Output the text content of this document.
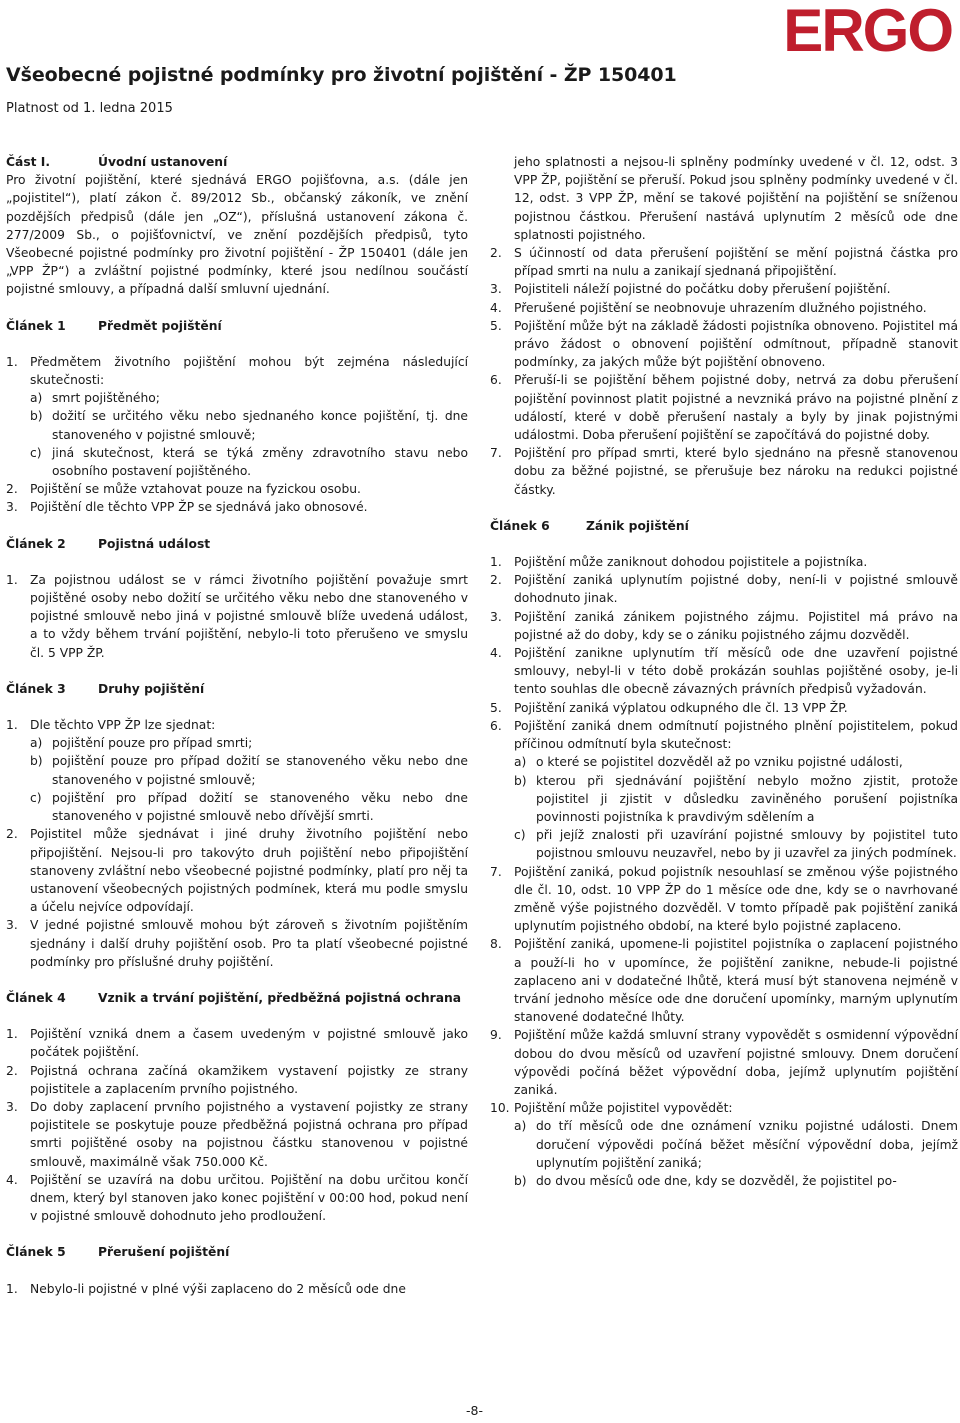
ERGO
Všeobecné pojistné podmínky pro životní pojištění - ŽP 150401
Platnost od 1. ledna 2015
Část I.	Úvodní ustanovení
Pro životní pojištění, které sjednává ERGO pojišťovna, a.s. (dále jen „pojistitel“), platí zákon č. 89/2012 Sb., občanský zákoník, ve znění pozdějších předpisů (dále jen „OZ“), příslušná ustanovení zákona č. 277/2009 Sb., o pojišťovnictví, ve znění pozdějších předpisů, tyto Všeobecné pojistné podmínky pro životní pojištění - ŽP 150401 (dále jen „VPP ŽP“) a zvláštní pojistné podmínky, které jsou nedílnou součástí pojistné smlouvy, a případná další smluvní ujednání.
Článek 1	Předmět pojištění
1. Předmětem životního pojištění mohou být zejména následující skutečnosti:
a) smrt pojištěného;
b) dožití se určitého věku nebo sjednaného konce pojištění, tj. dne stanoveného v pojistné smlouvě;
c) jiná skutečnost, která se týká změny zdravotního stavu nebo osobního postavení pojištěného.
2. Pojištění se může vztahovat pouze na fyzickou osobu.
3. Pojištění dle těchto VPP ŽP se sjednává jako obnosové.
Článek 2	Pojistná událost
1. Za pojistnou událost se v rámci životního pojištění považuje smrt pojištěné osoby nebo dožití se určitého věku nebo dne stanoveného v pojistné smlouvě nebo jiná v pojistné smlouvě blíže uvedená událost, a to vždy během trvání pojištění, nebylo-li toto přerušeno ve smyslu čl. 5 VPP ŽP.
Článek 3	Druhy pojištění
1. Dle těchto VPP ŽP lze sjednat:
a) pojištění pouze pro případ smrti;
b) pojištění pouze pro případ dožití se stanoveného věku nebo dne stanoveného v pojistné smlouvě;
c) pojištění pro případ dožití se stanoveného věku nebo dne stanoveného v pojistné smlouvě nebo dřívější smrti.
2. Pojistitel může sjednávat i jiné druhy životního pojištění nebo připojištění. Nejsou-li pro takovýto druh pojištění nebo připojištění stanoveny zvláštní nebo všeobecné pojistné podmínky, platí pro něj ta ustanovení všeobecných pojistných podmínek, která mu podle smyslu a účelu nejvíce odpovídají.
3. V jedné pojistné smlouvě mohou být zároveň s životním pojištěním sjednány i další druhy pojištění osob. Pro ta platí všeobecné pojistné podmínky pro příslušné druhy pojištění.
Článek 4	Vznik a trvání pojištění, předběžná pojistná ochrana
1. Pojištění vzniká dnem a časem uvedeným v pojistné smlouvě jako počátek pojištění.
2. Pojistná ochrana začíná okamžikem vystavení pojistky ze strany pojistitele a zaplacením prvního pojistného.
3. Do doby zaplacení prvního pojistného a vystavení pojistky ze strany pojistitele se poskytuje pouze předběžná pojistná ochrana pro případ smrti pojištěné osoby na pojistnou částku stanovenou v pojistné smlouvě, maximálně však 750.000 Kč.
4. Pojištění se uzavírá na dobu určitou. Pojištění na dobu určitou končí dnem, který byl stanoven jako konec pojištění v 00:00 hod, pokud není v pojistné smlouvě dohodnuto jeho prodloužení.
Článek 5	Přerušení pojištění
1. Nebylo-li pojistné v plné výši zaplaceno do 2 měsíců ode dne
jeho splatnosti a nejsou-li splněny podmínky uvedené v čl. 12, odst. 3 VPP ŽP, pojištění se přeruší. Pokud jsou splněny podmínky uvedené v čl. 12, odst. 3 VPP ŽP, mění se takové pojištění na pojištění se sníženou pojistnou částkou. Přerušení nastává uplynutím 2 měsíců ode dne splatnosti pojistného.
2. S účinností od data přerušení pojištění se mění pojistná částka pro případ smrti na nulu a zanikají sjednaná připojištění.
3. Pojistiteli náleží pojistné do počátku doby přerušení pojištění.
4. Přerušené pojištění se neobnovuje uhrazením dlužného pojistného.
5. Pojištění může být na základě žádosti pojistníka obnoveno. Pojistitel má právo žádost o obnovení pojištění odmítnout, případně stanovit podmínky, za jakých může být pojištění obnoveno.
6. Přeruší-li se pojištění během pojistné doby, netrvá za dobu přerušení pojištění povinnost platit pojistné a nevzniká právo na pojistné plnění z událostí, které v době přerušení nastaly a byly by jinak pojistnými událostmi. Doba přerušení pojištění se započítává do pojistné doby.
7. Pojištění pro případ smrti, které bylo sjednáno na přesně stanovenou dobu za běžné pojistné, se přerušuje bez nároku na redukci pojistné částky.
Článek 6	Zánik pojištění
1. Pojištění může zaniknout dohodou pojistitele a pojistníka.
2. Pojištění zaniká uplynutím pojistné doby, není-li v pojistné smlouvě dohodnuto jinak.
3. Pojištění zaniká zánikem pojistného zájmu. Pojistitel má právo na pojistné až do doby, kdy se o zániku pojistného zájmu dozvěděl.
4. Pojištění zanikne uplynutím tří měsíců ode dne uzavření pojistné smlouvy, nebyl-li v této době prokázán souhlas pojištěné osoby, je-li tento souhlas dle obecně závazných právních předpisů vyžadován.
5. Pojištění zaniká výplatou odkupného dle čl. 13 VPP ŽP.
6. Pojištění zaniká dnem odmítnutí pojistného plnění pojistitelem, pokud příčinou odmítnutí byla skutečnost:
a) o které se pojistitel dozvěděl až po vzniku pojistné události,
b) kterou při sjednávání pojištění nebylo možno zjistit, protože pojistitel ji zjistit v důsledku zaviněného porušení pojistníka povinnosti pojistníka k pravdivým sdělením a
c) při jejíž znalosti při uzavírání pojistné smlouvy by pojistitel tuto pojistnou smlouvu neuzavřel, nebo by ji uzavřel za jiných podmínek.
7. Pojištění zaniká, pokud pojistník nesouhlasí se změnou výše pojistného dle čl. 10, odst. 10 VPP ŽP do 1 měsíce ode dne, kdy se o navrhované změně výše pojistného dozvěděl. V tomto případě pak pojištění zaniká uplynutím pojistného období, na které bylo pojistné zaplaceno.
8. Pojištění zaniká, upomene-li pojistitel pojistníka o zaplacení pojistného a použí-li ho v upomínce, že pojištění zanikne, nebude-li pojistné zaplaceno ani v dodatečné lhůtě, která musí být stanovena nejméně v trvání jednoho měsíce ode dne doručení upomínky, marným uplynutím stanovené dodatečné lhůty.
9. Pojištění může každá smluvní strany vypovědět s osmidenní výpovědní dobou do dvou měsíců od uzavření pojistné smlouvy. Dnem doručení výpovědi počíná běžet výpovědní doba, jejímž uplynutím pojištění zaniká.
10. Pojištění může pojistitel vypovědět:
a) do tří měsíců ode dne oznámení vzniku pojistné události. Dnem doručení výpovědi počíná běžet měsíční výpovědní doba, jejímž uplynutím pojištění zaniká;
b) do dvou měsíců ode dne, kdy se dozvěděl, že pojistitel po-
-8-
